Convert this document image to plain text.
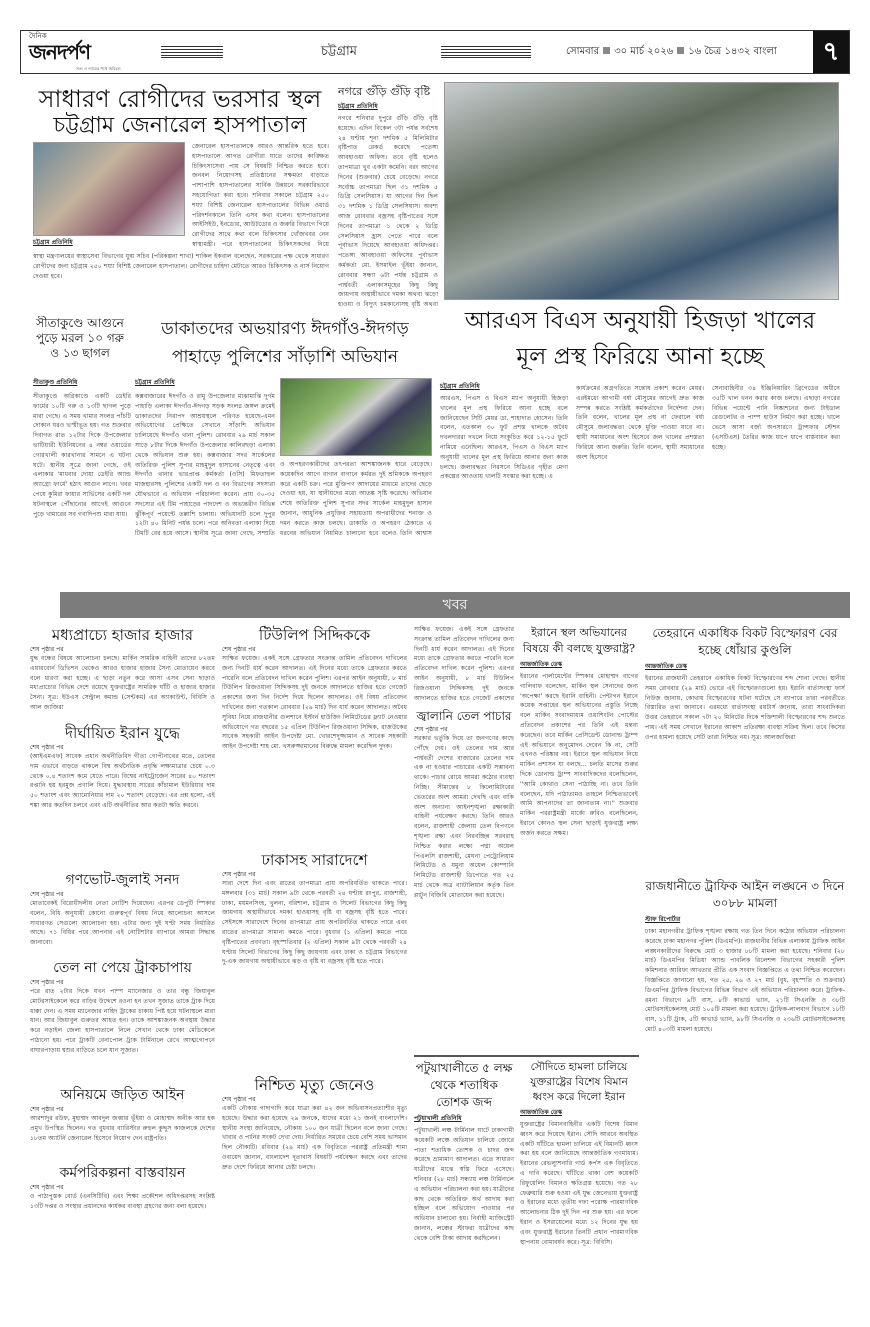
দৈনিক
জনদর্পণ
সত্য ও ন্যায়ের পথে অবিচল
চট্টগ্রাম	সোমবার ৩০ মার্চ ২০২৬ ১৬ চৈত্র ১৪৩২ বাংলা	৭
সাধারণ রোগীদের ভরসার স্থল
চট্টগ্রাম জেনারেল হাসপাতাল
চট্টগ্রাম প্রতিনিধি
জেনারেল হাসপাতালকে আরও আন্তরিক হতে হবে। হাসপাতালে আগত রোগীরা যাতে তাদের কাঙ্ক্ষিত চিকিৎসাসেবা পায় সে বিষয়টি নিশ্চিত করতে হবে। জনবল নিয়োগসহ প্রতিষ্ঠানের সক্ষমতা বাড়াতে পাশাপাশি হাসপাতালের সার্বিক উন্নয়নে সরকারিভাবে সহযোগিতা করা হবে। শনিবার সকালে চট্টগ্রাম ২৫০ শয্যা বিশিষ্ট জেনারেল হাসপাতালের বিভিন্ন ওয়ার্ড পরিদর্শনকালে তিনি এসব কথা বলেন। হাসপাতালের আইসিইউ, ইনডোর, আউটডোর ও জরুরি বিভাগে গিয়ে রোগীদের সাথে কথা বলে চিকিৎসার খোঁজখবর নেন স্বাস্থ্যমন্ত্রী। পরে হাসপাতালের চিকিৎসকদের নিয়ে
স্বাস্থ্য মন্ত্রণালয়ের স্বাস্থ্যসেবা বিভাগের যুগ্ম সচিব (পরিকল্পনা শাখা) শাকিল ইকবাল বলেছেন, সরকারের পক্ষ থেকে সাধারণ রোগীদের জন্য চট্টগ্রাম ২৫০ শয্যা বিশিষ্ট জেনারেল হাসপাতাল। রোগীদের চাহিদা মেটাতে আরও চিকিৎসক ও নার্স নিয়োগ দেওয়া হবে।
নগরে গুঁড়ি গুঁড়ি বৃষ্টি
চট্টগ্রাম প্রতিনিধি
নগরে শনিবার দুপুরে গুঁড়ি গুঁড়ি বৃষ্টি হয়েছে। এদিন বিকেল ৩টা পর্যন্ত সর্বশেষ ২৪ ঘণ্টায় শূন্য দশমিক ৫ মিলিমিটার বৃষ্টিপাত রেকর্ড করেছে পতেঙ্গা আবহাওয়া অফিস। তবে বৃষ্টি হলেও তাপমাত্রা খুব একটা কমেনি। বরং আগের দিনের (শুক্রবার) চেয়ে বেড়েছে। নগরে সর্বোচ্চ তাপমাত্রা ছিল ৩১ দশমিক ৫ ডিগ্রি সেলসিয়াস। যা আগের দিন ছিল ৩১ দশমিক ১ ডিগ্রি সেলসিয়াস। অবশ্য আজ রোববার বজ্রসহ বৃষ্টিপাতের সঙ্গে দিনের তাপমাত্রা ১ থেকে ২ ডিগ্রি সেলসিয়াস হ্রাস পেতে পারে বলে পূর্বাভাস দিয়েছে আবহাওয়া অধিদপ্তর। পতেঙ্গা আবহাওয়া অফিসের পূর্বাভাস কর্মকর্তা মো. ইসমাইল ভূঁইয়া জানান, রোববার সন্ধ্যা ৬টা পর্যন্ত চট্টগ্রাম ও পার্শ্ববর্তী এলাকাসমূহের কিছু কিছু জায়গায় অস্থায়ীভাবে দমকা অথবা ঝড়ো হাওয়া ও বিদ্যুৎ চমকানোসহ বৃষ্টি অথবা
সীতাকুণ্ডে আগুনে পুড়ে মরল ১০ গরু ও ১৩ ছাগল
সীতাকুণ্ড প্রতিনিধি
সীতাকুণ্ডে অগ্নিকাণ্ডে একটি ডেইরি ফার্মের ১০টি গরু ও ১৩টি ছাগল পুড়ে মারা গেছে। এ সময় খামার সংলগ্ন পাঁচটি দোকান ঘরও ভস্মীভূত হয়। গত শুক্রবার দিবাগত রাত ১২টার দিকে উপজেলার ভাটিয়ারী ইউনিয়নের ৪ নম্বর ওয়ার্ডের গোরখালী কারখানার সামনে এ ঘটনা ঘটে। স্থানীয় সূত্রে জানা গেছে, ওই এলাকার 'মাধবার দোয়া ডেইরি অ্যান্ড অ্যাগ্রো ফার্মে' হঠাৎ আগুন লাগে। খবর পেয়ে কুমিরা ফায়ার সার্ভিসের একটি দল ঘটনাস্থলে পৌঁছানোর আগেই আগুনে পুড়ে খামারের সব গবাদিপশু মারা যায়।
ডাকাতদের অভয়ারণ্য ঈদগাঁও-ঈদগড়
পাহাড়ে পুলিশের সাঁড়াশি অভিযান
চট্টগ্রাম প্রতিনিধি
কক্সবাজারের ঈদগাঁও ও রামু উপজেলার মাঝামাঝি দুর্গম পাহাড়ি এলাকা ঈদগাঁও-ঈদগড় সড়ক সংলগ্ন জঙ্গল ক্রমেই ডাকাতদের নিরাপদ আশ্রয়স্থলে পরিণত হয়েছে-এমন অভিযোগের প্রেক্ষিতে সেখানে সাঁড়াশি অভিযান চালিয়েছে ঈদগাঁও থানা পুলিশ। রোববার ২৯ মার্চ সকাল সাড়ে ৮টার দিকে ঈদগাঁও উপজেলার কালিরছড়া এলাকা থেকে অভিযান শুরু হয়। কক্সবাজার সদর সার্কেলের অতিরিক্ত পুলিশ সুপার মাহমুদুল হাসানের নেতৃত্বে এবং ঈদগাঁও থানার ভারপ্রাপ্ত কর্মকর্তা (ওসি) মিফতাহুল মাজহারসহ পুলিশের একটি দল ও বন বিভাগের সদস্যরা যৌথভাবে এ অভিযান পরিচালনা করেন। প্রায় ৩০-৩৫ সদস্যের এই টিম পাহাড়ের পাদদেশ ও অভ্যন্তরীণ বিভিন্ন ঝুঁকিপূর্ণ পয়েন্টে তল্লাশি চালায়। অভিযানটি চলে দুপুর ১২টা ৪০ মিনিট পর্যন্ত চলে। পরে অনিবতা এলাকা দিয়ে টিমটি বের হয়ে আসে। স্থানীয় সূত্রে জানা গেছে, সম্প্রতি
ও অপহরণকারীদের তৎপরতা আশঙ্কাজনক হারে বেড়েছে। কয়েকদিন আগে বাগান বাগানে কর্মরত দুই শ্রমিককে অপহরণ করে একটি চক্র। পরে মুক্তিপণ আদায়ের মাধ্যমে তাদের ছেড়ে দেওয়া হয়, যা স্থানীয়দের মধ্যে আতঙ্ক সৃষ্টি করেছে। অভিযান শেষে অতিরিক্ত পুলিশ সুপার সদর সার্কেল মাহমুদুল হাসান জানান, আধুনিক প্রযুক্তির সহায়তায় অপরাধীদের শনাক্ত ও দমন করতে কাজ চলছে। ডাকাতি ও অপহরণ ঠেকাতে এ ধরনের অভিযান নিয়মিত চালানো হবে বলেও তিনি আশ্বাস
আরএস বিএস অনুযায়ী হিজড়া খালের
মূল প্রস্থ ফিরিয়ে আনা হচ্ছে
চট্টগ্রাম প্রতিনিধি
আরএস, পিএস ও বিএস ম্যাপ অনুযায়ী হিজড়া খালের মূল প্রস্থ ফিরিয়ে আনা হচ্ছে বলে জানিয়েছেন সিটি মেয়র ডা. শাহাদাত হোসেন। তিনি বলেন, এতকাল ৩০ ফুট প্রশস্ত খালকে অবৈধ দখলদাররা দখলে নিয়ে সংকুচিত করে ১২-১৫ ফুটে নামিয়ে এনেছিল। আরএস, পিএস ও বিএস ম্যাপ অনুযায়ী খালের মূল প্রস্থ ফিরিয়ে আনার জন্য কাজ চলছে। জলাবদ্ধতা নিরসনে সিডিএর গৃহীত মেগা প্রকল্পের আওতায় খালটি সংস্কার করা হচ্ছে। এ
কার্যক্রমের অগ্রগতিতে সন্তোষ প্রকাশ করেন মেয়র। এরইমধ্যে আগামী বর্ষা মৌসুমের আগেই দ্রুত কাজ সম্পন্ন করতে সংশ্লিষ্ট কর্মকর্তাদের নির্দেশনা দেন। তিনি বলেন, খালের মূল প্রস্থ না ফেরালে বর্ষা মৌসুমে জলাবদ্ধতা থেকে মুক্তি পাওয়া যাবে না। স্থায়ী সমাধানের অংশ হিসেবে জল খালের প্রশস্ততা ফিরিয়ে আনা জরুরি। তিনি বলেন, স্থায়ী সমাধানের অংশ হিসেবে
সেনাবাহিনীর ৩৪ ইঞ্জিনিয়ারিং ব্রিগেডের অধীনে ৩৫টি খাল খনন করার কাজ চলছে। এছাড়া নগরের বিভিন্ন পয়েন্টে পানি নিষ্কাশনের জন্য টাইডাল রেগুলেটর ও পাম্প হাউস নির্মাণ করা হচ্ছে। খালে ভেসে আসা বর্জ্য অপসারণে ট্রান্সফার স্টেশন (এসটিএস) তৈরির কাজ ধাপে ধাপে বাস্তবায়ন করা হচ্ছে।
খবর
মধ্যপ্রাচ্যে হাজার হাজার
শেষ পৃষ্ঠার পর
যুদ্ধ বন্ধের বিষয়ে আলোচনা চলছে। মার্কিন সামরিক বাহিনী তাদের ৮২তম এয়ারবোর্ন ডিভিশন থেকেও আরও হাজার হাজার সৈন্য মোতায়েন করবে বলে ধারণা করা হচ্ছে। এ ছাড়া নতুন করে আসা এসব সেনা ছাড়াও মধ্যপ্রাচ্যের বিভিন্ন দেশে রয়েছে যুক্তরাষ্ট্রের সামরিক ঘাঁটি ও হাজার হাজার সৈন্য। সূত্র: ইউএস সেন্ট্রাল কমান্ড (সেন্টকম) এর অ্যাকাউন্ট, বিবিসি ও আল জাজিরা
দীর্ঘায়িত ইরান যুদ্ধে
শেষ পৃষ্ঠার পর
(আইএমএফ) সাবেক প্রধান অর্থনীতিবিদ গীতা গোপীনাথের মতে, তেলের দাম এভাবে বাড়তে থাকলে বিশ্ব অর্থনৈতিক প্রবৃদ্ধি লক্ষ্যমাত্রার চেয়ে ০.৩ থেকে ০.৪ শতাংশ কমে যেতে পারে। বিশ্বের নাইট্রোজেন সারের ৪০ শতাংশ রপ্তানি হয় হরমুজ প্রণালি দিয়ে। যুদ্ধাবস্থায় সারের কাঁচামাল ইউরিয়ার দাম ৫০ শতাংশ এবং অ্যামোনিয়ার দাম ২০ শতাংশ বেড়েছে। এর প্রশ্ন হলো, এই শঙ্কা আর কতদিন চলবে এবং এটি অর্থনীতির আর কতটা ক্ষতি করবে।
গণভোট-জুলাই সনদ
শেষ পৃষ্ঠার পর
মোতাবেকই বিরোধীদলীয় নেতা নোটিশ দিয়েছেন। এরপর ডেপুটি স্পিকার বলেন, বিধি অনুযায়ী কোনো গুরুত্বপূর্ণ বিষয় নিয়ে আলোচনা আসলে সাধারণত সেগুলো আলোচনা হয়। এটার জন্য দুই ঘণ্টা সময় নির্ধারিত আছে। ৭১ বিধির পরে আপনার এই নোটিশটার ব্যাপারে আমরা সিদ্ধান্ত জানাবো।
তেল না পেয়ে ট্রাকচাপায়
শেষ পৃষ্ঠার পর
পরে রাত ২টার দিকে যখন পাম্প ম্যানেজার ও তার বন্ধু জিয়াবুল মোটরসাইকেলে করে বাড়ির উদ্দেশে রওনা হন তখন সুজাত তাকে ট্রাক দিয়ে ধাক্কা দেন। এ সময় ম্যানেজার নাহিদ ট্রাকের চাকায় পিষ্ট হয়ে ঘটনাস্থলে মারা যান। আর জিয়াবুল গুরুতর আহত হন। তাকে আশঙ্কাজনক অবস্থায় উদ্ধার করে নড়াইল জেলা হাসপাতালে নিলে সেখান থেকে ঢাকা মেডিকেলে পাঠানো হয়। পরে ট্রাকটি বেনাপোল ট্রাক টার্মিনালে রেখে আত্মগোপনে বাঘারপাড়ায় শ্বশুর বাড়িতে চলে যান সুজাত।
অনিয়মে জড়িত আইন
শেষ পৃষ্ঠার পর
আরশাদুর রউফ, মুহাম্মদ আবদুল জব্বার ভূঁইয়া ও মোহাম্মদ অনীক আর হক প্রমুখ উপস্থিত ছিলেন। গত বুধবার ব্যারিস্টার রুহুল কুদ্দুস কাজলকে দেশের ১৮তম অ্যাটর্নি জেনারেল হিসেবে নিয়োগ দেন রাষ্ট্রপতি।
কর্মপরিকল্পনা বাস্তবায়ন
শেষ পৃষ্ঠার পর
ও পাঠ্যপুস্তক বোর্ড (এনসিটিবি) এবং শিক্ষা প্রকৌশল অধিদপ্তরসহ সংশ্লিষ্ট ১৩টি দপ্তর ও সংস্থার প্রধানদের কার্যকর ব্যবস্থা গ্রহণের জন্য বলা হয়েছে।
টিউলিপ সিদ্দিককে
শেষ পৃষ্ঠার পর
সাক্ষির ফয়েজ। একই সঙ্গে গ্রেফতার সংক্রান্ত তামিল প্রতিবেদন দাখিলের জন্য দিনটি ধার্য করেন আদালত। এই দিনের মধ্যে তাকে গ্রেফতার করতে পারেনি বলে প্রতিবেদন দাখিল করেন পুলিশ। এরপর আইন অনুযায়ী, ৮ মার্চ টিউলিপ রিজওয়ানা সিদ্দিকসহ দুই জনকে আদালতে হাজির হতে গেজেট প্রকাশের জন্য দিন নির্দেশ দিয়ে ছিলেন আদালত। ওই বিষয় প্রতিবেদন দাখিলের জন্য গতকাল রোববার (২৯ মার্চ) দিন ধার্য করেন আদালত। অবৈধ সুবিধা নিয়ে রাজধানীর গুলশানে ইস্টার্ন হাউজিং লিমিটেডের ফ্ল্যাট নেওয়ার অভিযোগে গত বছরের ১৫ এপ্রিল টিউলিপ রিজওয়ানা সিদ্দিক, রাজউকের সাবেক সহকারী আইন উপদেষ্টা মো. খোরশেদুজ্জামান ও সাবেক সহকারী আইন উপদেষ্টা শাহ মো. খসরুজ্জামানের বিরুদ্ধে মামলা করেছিল দুদক।
ঢাকাসহ সারাদেশে
শেষ পৃষ্ঠার পর
সারা দেশে দিন এবং রাতের তাপমাত্রা প্রায় অপরিবর্তিত থাকতে পারে। মঙ্গলবার (৩১ মার্চ) সকাল ৯টা থেকে পরবর্তী ২৪ ঘণ্টায় রংপুর, রাজশাহী, ঢাকা, ময়মনসিংহ, খুলনা, বরিশাল, চট্টগ্রাম ও সিলেট বিভাগের কিছু কিছু জায়গায় অস্থায়ীভাবে দমকা হাওয়াসহ বৃষ্টি বা বজ্রসহ বৃষ্টি হতে পারে। সেইসঙ্গে সারাদেশে দিনের তাপমাত্রা প্রায় অপরিবর্তিত থাকতে পারে এবং রাতের তাপমাত্রা সামান্য কমতে পারে। বুধবার (১ এপ্রিল) কমতে পারে বৃষ্টিপাতের প্রবণতা। বৃহস্পতিবার (২ এপ্রিল) সকাল ৯টা থেকে পরবর্তী ২৪ ঘণ্টায় সিলেট বিভাগের কিছু কিছু জায়গায় এবং ঢাকা ও চট্টগ্রাম বিভাগের দু-এক জায়গায় অস্থায়ীভাবে ঝড় ও বৃষ্টি বা বজ্রসহ বৃষ্টি হতে পারে।
নিশ্চিত মৃত্যু জেনেও
শেষ পৃষ্ঠার পর
একটি নৌকায় গাদাগাদি করে যাত্রা করা ৪২ জন অভিবাসনপ্রত্যাশীর মৃত্যু হয়েছে। উদ্ধার করা হয়েছে ২৯ জনকে, যাদের মধ্যে ২১ জনই বাংলাদেশি। স্থানীয় সংস্থা জানিয়েছে, নৌকায় ১০০ জন যাত্রী ছিলেন বলে জানা গেছে। খাবার ও পানির সংকট দেখা দেয়। নির্ধারিত সময়ের চেয়ে বেশি সময় ভাসমান ছিল নৌকাটি। রবিবার (২৯ মার্চ) এক বিবৃতিতে পররাষ্ট্র প্রতিমন্ত্রী শামা ওবায়েদ জানান, বাংলাদেশ দূতাবাস বিষয়টি পর্যবেক্ষণ করছে এবং তাদের দ্রুত দেশে ফিরিয়ে আনার চেষ্টা চলছে।
সাক্ষির ফয়েজ। একই সঙ্গে গ্রেফতার সংক্রান্ত তামিল প্রতিবেদন দাখিলের জন্য দিনটি ধার্য করেন আদালত। এই দিনের মধ্যে তাকে গ্রেফতার করতে পারেনি বলে প্রতিবেদন দাখিল করেন পুলিশ। এরপর আইন অনুযায়ী, ৮ মার্চ টিউলিপ রিজওয়ানা সিদ্দিকসহ দুই জনকে আদালতে হাজির হতে গেজেট প্রকাশের
জ্বালানি তেল পাচার
শেষ পৃষ্ঠার পর
সরকার ভর্তুকি দিয়ে তা জনগণের কাছে পৌঁছে দেয়। ওই তেলের দাম আর পার্শ্ববর্তী দেশের বাজারের তেলের দাম এক না হওয়ার পাচারের একটি সম্ভাবনা থাকে। পাচার রোধে আমরা কঠোর ব্যবস্থা নিচ্ছি। সীমান্তের ৮ কিলোমিটারের ভেতরের অংশ আমরা দেখছি এবং বাকি অংশ অন্যান্য আইনশৃঙ্খলা রক্ষাকারী বাহিনী পর্যবেক্ষণ করছে। তিনি আরও বলেন, রাজশাহী জেলায় তেল বিপণনে শৃঙ্খলা রক্ষা এবং নিরবচ্ছিন্ন সরবরাহ নিশ্চিত করার লক্ষ্যে পদ্মা অয়েল পিএলসি রাজশাহী, মেঘনা পেট্রোলিয়াম লিমিটেড ও যমুনা অয়েল কোম্পানি লিমিটেড রাজশাহী ডিপোতে গত ২৫ মার্চ থেকে অত্র ব্যাটালিয়ান কর্তৃক তিন প্লাটুন বিজিবি মোতায়েন করা হয়েছে।
ইরানে স্থল অভিযানের বিষয়ে কী বলছে যুক্তরাষ্ট্র?
আন্তর্জাতিক ডেস্ক
ইরানের পার্লামেন্টের স্পিকার মোহাম্মদ বাগের গালিবাফ বলেছেন, মার্কিন স্থল সেনাদের জন্য 'অপেক্ষা' করছে ইরানি বাহিনী। পেন্টাগন ইরানে কয়েক সপ্তাহের স্থল অভিযানের প্রস্তুতি নিচ্ছে বলে মার্কিন সংবাদমাধ্যম ওয়াশিংটন পোস্টের প্রতিবেদন প্রকাশের পর তিনি এই মন্তব্য করেছেন। তবে মার্কিন প্রেসিডেন্ট ডোনাল্ড ট্রাম্প এই অভিযানে অনুমোদন দেবেন কি না, সেটি এখনও পরিষ্কার নয়। ইরানে স্থল অভিযান নিয়ে মার্কিন প্রশাসন যা বলছে... চলতি মাসের শুরুর দিকে ডোনাল্ড ট্রাম্প সাংবাদিকদের বলেছিলেন, ''আমি কোথাও সেনা পাঠাচ্ছি না। তবে তিনি বলেছেন, যদি পাঠাতামও তাহলে নিশ্চিতভাবেই আমি আপনাদের তা জানাতাম না।'' শুক্রবার মার্কিন পররাষ্ট্রমন্ত্রী মার্কো রুবিও বলেছিলেন, ইরানে কোনও স্থল সেনা ছাড়াই যুক্তরাষ্ট্র লক্ষ্য অর্জন করতে সক্ষম।
তেহরানে একাধিক বিকট বিস্ফোরণ বের হচ্ছে ধোঁয়ার কুণ্ডলি
আন্তর্জাতিক ডেস্ক
ইরানের রাজধানী তেহরানে একাধিক বিকট বিস্ফোরণের শব্দ শোনা গেছে। স্থানীয় সময় রোববার (২৯ মার্চ) ভোরে এই বিস্ফোরণগুলো হয়। ইরানি বার্তাসংস্থা ফার্স নিউজ জানায়, কোথায় বিস্ফোরণের ঘটনা ঘটেছে সে ব্যাপারে তারা পরবর্তীতে বিস্তারিত তথ্য জানাবে। এরমধ্যে বার্তাসংস্থা রয়টার্স জানায়, তারা সাংবাদিকরা উত্তর তেহরানে সকাল ৭টা ২০ মিনিটের দিকে শক্তিশালী বিস্ফোরণের শব্দ শুনতে পায়। এই সময় সেখানে ইরানের আকাশ প্রতিরক্ষা ব্যবস্থা সক্রিয় ছিল। তবে কিসের ওপর হামলা হয়েছে সেটি তারা নিশ্চিত নয়। সূত্র: আলজাজিরা
রাজধানীতে ট্রাফিক আইন লঙ্ঘনে ৩ দিনে ৩০৮৮ মামলা
স্টাফ রিপোর্টার
ঢাকা মহানগরীর ট্রাফিক শৃঙ্খলা রক্ষায় গত তিন দিনে কঠোর অভিযান পরিচালনা করেছে ঢাকা মহানগর পুলিশ (ডিএমপি)। রাজধানীর বিভিন্ন এলাকায় ট্রাফিক আইন লঙ্ঘনকারীদের বিরুদ্ধে মোট ৩ হাজার ৮৮টি মামলা করা হয়েছে। শনিবার (২৮ মার্চ) ডিএমপির মিডিয়া অ্যান্ড পাবলিক রিলেশন্স বিভাগের সহকারী পুলিশ কমিশনার আরিফা আখতার প্রীতি এক সংবাদ বিজ্ঞপ্তিতে এ তথ্য নিশ্চিত করেছেন। বিজ্ঞপ্তিতে জানানো হয়, গত ২৫, ২৬ ও ২৭ মার্চ (বুধ, বৃহস্পতি ও শুক্রবার) ডিএমপির ট্রাফিক বিভাগের বিভিন্ন বিভাগ এই অভিযান পরিচালনা করে। ট্রাফিক-রমনা বিভাগে ৯টি বাস, ৮টি কাভার্ড ভ্যান, ২১টি সিএনজি ও ৩৮টি মোটরসাইকেলসহ মোট ১০৫টি মামলা করা হয়েছে। ট্রাফিক-লালবাগ বিভাগে ১৮টি বাস, ১১টি ট্রাক, ৫টি কাভার্ড ভ্যান, ৯৮টি সিএনজি ও ২৩৬টি মোটরসাইকেলসহ মোট ৪০৩টি মামলা হয়েছে।
পটুয়াখালীতে ৫ লক্ষ থেকে শতাধিক তোশক জব্দ
পটুয়াখালী প্রতিনিধি
পটুয়াখালী লঞ্চ টার্মিনাল ঘাটে ঢাকাগামী কয়েকটি লঞ্চে অভিযান চালিয়ে জোরে পাতা শতাধিক তোশক ও চাদর জব্দ করেছে ভ্রাম্যমাণ আদালত। এতে সাধারণ যাত্রীদের মাঝে স্বস্তি ফিরে এসেছে। শনিবার (২৮ মার্চ) সন্ধ্যায় লঞ্চ টার্মিনালে এ অভিযান পরিচালনা করা হয়। যাত্রীদের কাছ থেকে অতিরিক্ত অর্থ আদায় করা হচ্ছিল বলে অভিযোগ পাওয়ার পর অভিযান চালানো হয়। নির্বাহী ম্যাজিস্ট্রেট জানান, লঞ্চের স্টাফরা যাত্রীদের কাছ থেকে বেশি টাকা আদায় করছিলেন।
সৌদিতে হামলা চালিয়ে যুক্তরাষ্ট্রের বিশেষ বিমান ধ্বংস করে দিলো ইরান
আন্তর্জাতিক ডেস্ক
যুক্তরাষ্ট্রের বিমানবাহিনীর একটি বিশেষ বিমান ধ্বংস করে দিয়েছে ইরান। সৌদি আরবে অবস্থিত একটি ঘাঁটিতে হামলা চালিয়ে এই বিমানটি ধ্বংস করা হয় বলে জানিয়েছে আন্তর্জাতিক গণমাধ্যম। ইরানের রেভল্যুশনারি গার্ড কর্পস এক বিবৃতিতে এ দাবি করেছে। ঘাঁটিতে থাকা বেশ কয়েকটি রিফুয়েলিং বিমানও ক্ষতিগ্রস্ত হয়েছে। গত ২৮ ফেব্রুয়ারি শুরু হওয়া এই যুদ্ধ জেনেভায় যুক্তরাষ্ট্র ও ইরানের মধ্যে তৃতীয় দফা পরোক্ষ পারমাণবিক আলোচনার ঠিক দুই দিন পর শুরু হয়। এর ফলে ইরান ও ইসরায়েলের মধ্যে ১২ দিনের যুদ্ধ হয় এবং যুক্তরাষ্ট্র ইরানের তিনটি প্রধান পারমাণবিক স্থাপনায় বোমাবর্ষণ করে। সূত্র: বিবিসি।
